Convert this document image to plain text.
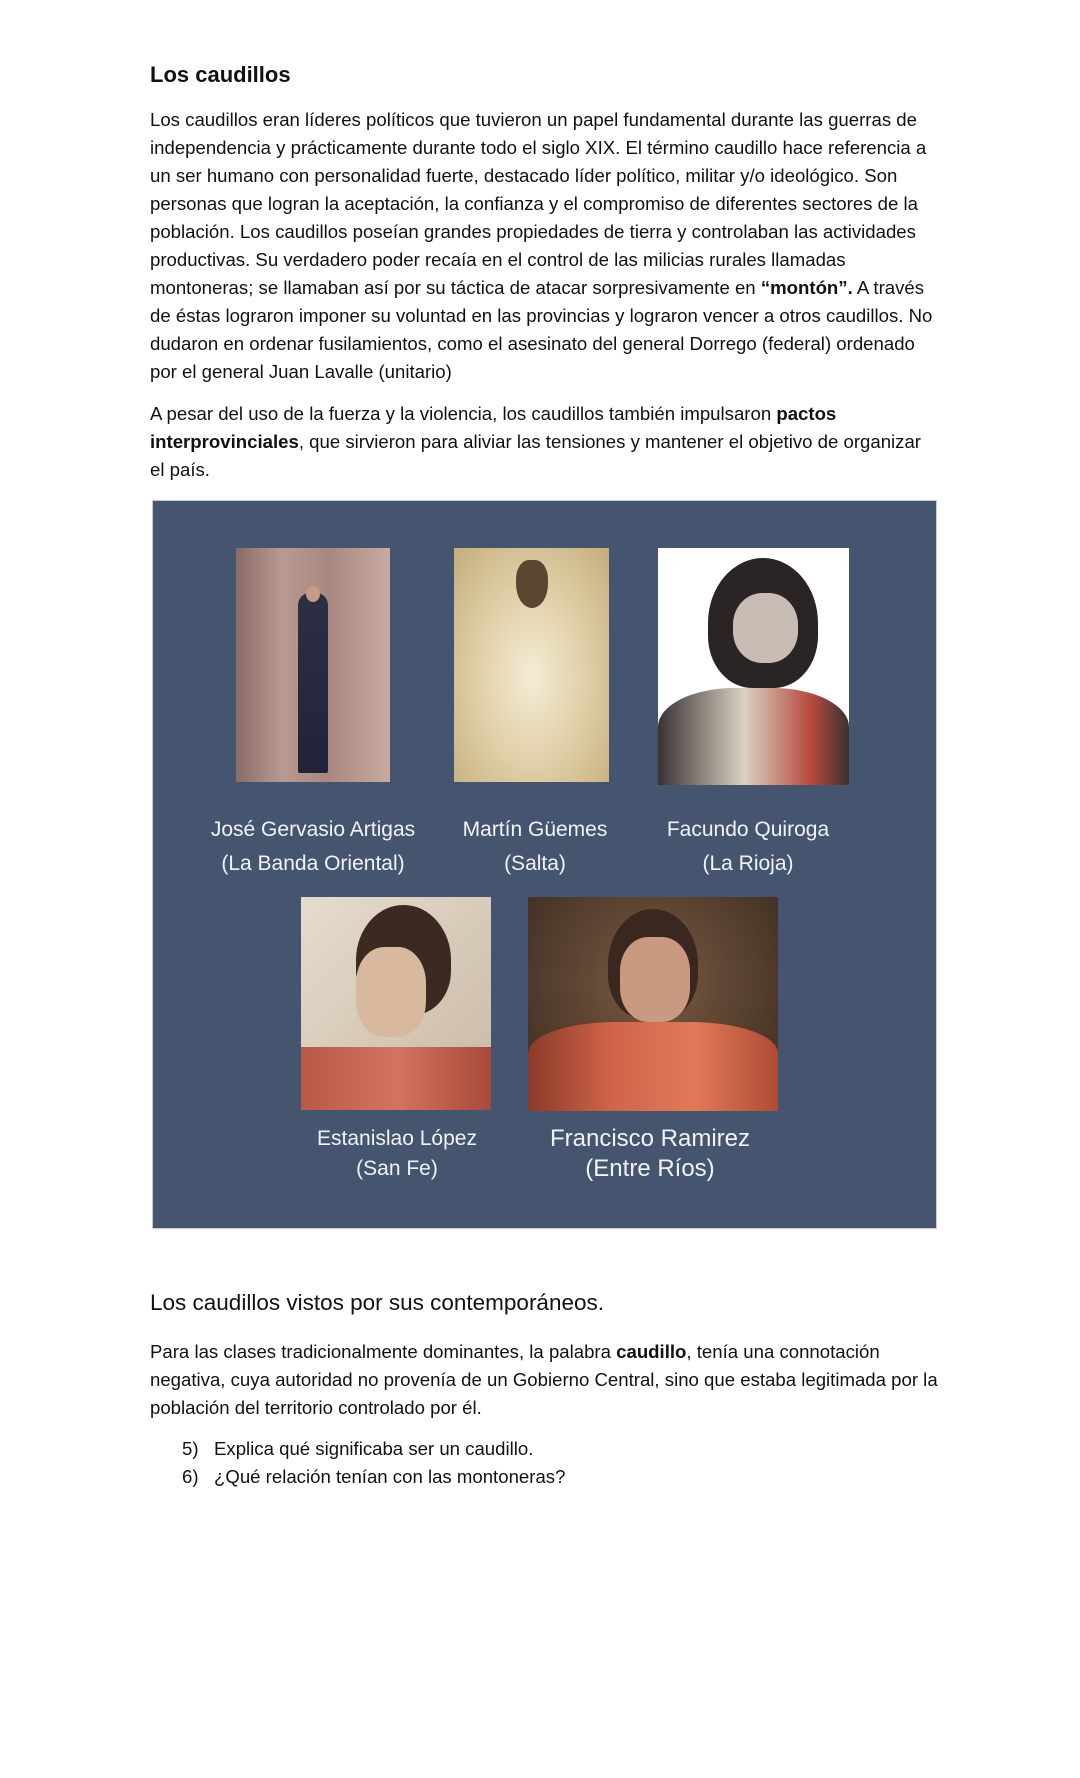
Los caudillos

Los caudillos eran líderes políticos que tuvieron un papel fundamental durante las guerras de independencia y prácticamente durante todo el siglo XIX. El término caudillo hace referencia a un ser humano con personalidad fuerte, destacado líder político, militar y/o ideológico. Son personas que logran la aceptación, la confianza y el compromiso de diferentes sectores de la población. Los caudillos poseían grandes propiedades de tierra y controlaban las actividades productivas. Su verdadero poder recaía en el control de las milicias rurales llamadas montoneras; se llamaban así por su táctica de atacar sorpresivamente en “montón”. A través de éstas lograron imponer su voluntad en las provincias y lograron vencer a otros caudillos. No dudaron en ordenar fusilamientos, como el asesinato del general Dorrego (federal) ordenado por el general Juan Lavalle (unitario)

A pesar del uso de la fuerza y la violencia, los caudillos también impulsaron pactos interprovinciales, que sirvieron para aliviar las tensiones y mantener el objetivo de organizar el país.

José Gervasio Artigas
(La Banda Oriental)
Martín Güemes
(Salta)
Facundo Quiroga
(La Rioja)
Estanislao López
(San Fe)
Francisco Ramirez
(Entre Ríos)
Los caudillos vistos por sus contemporáneos.

Para las clases tradicionalmente dominantes, la palabra caudillo, tenía una connotación negativa, cuya autoridad no provenía de un Gobierno Central, sino que estaba legitimada por la población del territorio controlado por él.

5) Explica qué significaba ser un caudillo.
6) ¿Qué relación tenían con las montoneras?
